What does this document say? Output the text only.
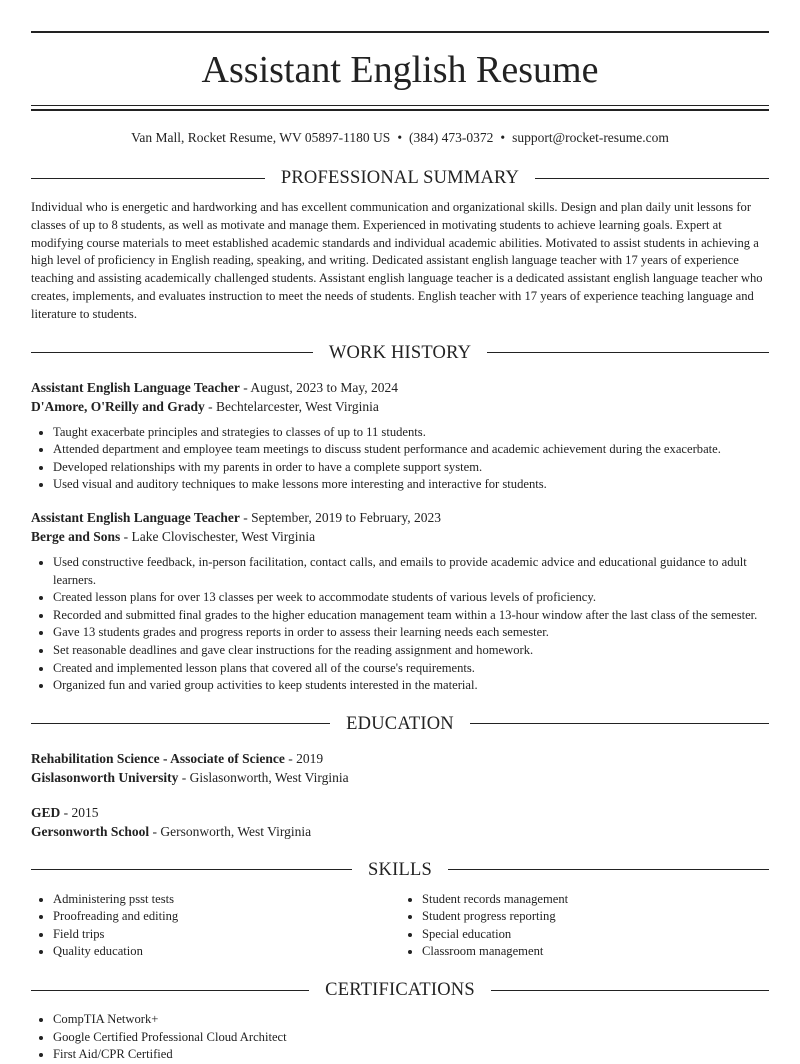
Assistant English Resume
Van Mall, Rocket Resume, WV 05897-1180 US • (384) 473-0372 • support@rocket-resume.com
PROFESSIONAL SUMMARY

Individual who is energetic and hardworking and has excellent communication and organizational skills. Design and plan daily unit lessons for classes of up to 8 students, as well as motivate and manage them. Experienced in motivating students to achieve learning goals. Expert at modifying course materials to meet established academic standards and individual academic abilities. Motivated to assist students in achieving a high level of proficiency in English reading, speaking, and writing. Dedicated assistant english language teacher with 17 years of experience teaching and assisting academically challenged students. Assistant english language teacher is a dedicated assistant english language teacher who creates, implements, and evaluates instruction to meet the needs of students. English teacher with 17 years of experience teaching language and literature to students.

WORK HISTORY
Assistant English Language Teacher - August, 2023 to May, 2024
D'Amore, O'Reilly and Grady - Bechtelarcester, West Virginia
• Taught exacerbate principles and strategies to classes of up to 11 students.
• Attended department and employee team meetings to discuss student performance and academic achievement during the exacerbate.
• Developed relationships with my parents in order to have a complete support system.
• Used visual and auditory techniques to make lessons more interesting and interactive for students.
Assistant English Language Teacher - September, 2019 to February, 2023
Berge and Sons - Lake Clovischester, West Virginia
• Used constructive feedback, in-person facilitation, contact calls, and emails to provide academic advice and educational guidance to adult learners.
• Created lesson plans for over 13 classes per week to accommodate students of various levels of proficiency.
• Recorded and submitted final grades to the higher education management team within a 13-hour window after the last class of the semester.
• Gave 13 students grades and progress reports in order to assess their learning needs each semester.
• Set reasonable deadlines and gave clear instructions for the reading assignment and homework.
• Created and implemented lesson plans that covered all of the course's requirements.
• Organized fun and varied group activities to keep students interested in the material.
EDUCATION
Rehabilitation Science - Associate of Science - 2019
Gislasonworth University - Gislasonworth, West Virginia
GED - 2015
Gersonworth School - Gersonworth, West Virginia
SKILLS
• Administering psst tests
• Proofreading and editing
• Field trips
• Quality education
• Student records management
• Student progress reporting
• Special education
• Classroom management
CERTIFICATIONS
• CompTIA Network+
• Google Certified Professional Cloud Architect
• First Aid/CPR Certified
